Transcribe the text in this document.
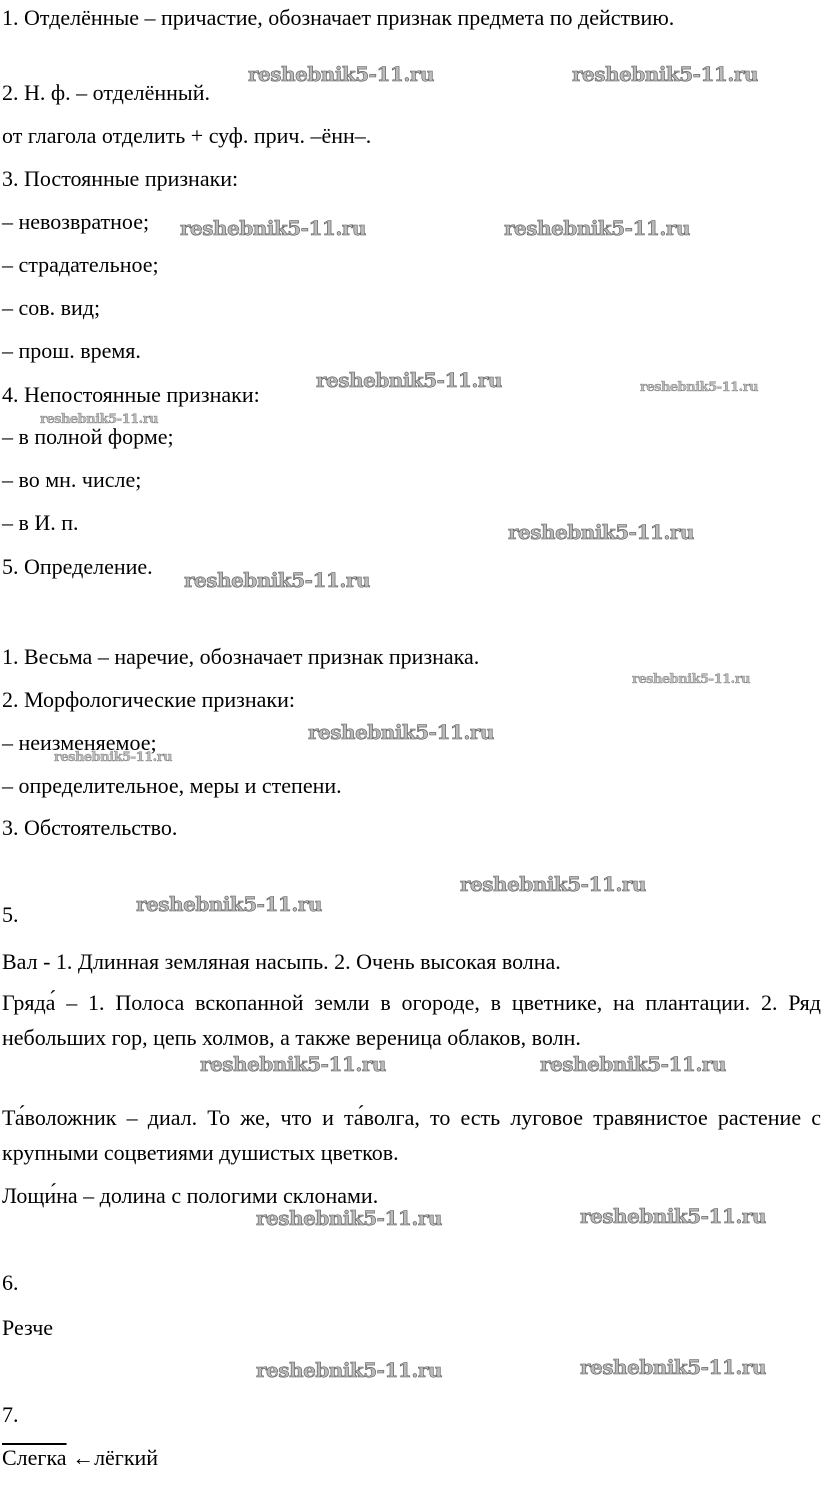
1. Отделённые – причастие, обозначает признак предмета по действию.
2. Н. ф. – отделённый.
от глагола отделить + суф. прич. –ённ–.
3. Постоянные признаки:
– невозвратное;
– страдательное;
– сов. вид;
– прош. время.
4. Непостоянные признаки:
– в полной форме;
– во мн. числе;
– в И. п.
5. Определение.
1. Весьма – наречие, обозначает признак признака.
2. Морфологические признаки:
– неизменяемое;
– определительное, меры и степени.
3. Обстоятельство.
5.
Вал - 1. Длинная земляная насыпь. 2. Очень высокая волна.
Гряда́ – 1. Полоса вскопанной земли в огороде, в цветнике, на плантации. 2. Ряд небольших гор, цепь холмов, а также вереница облаков, волн.
Та́воложник – диал. То же, что и та́волга, то есть луговое травянистое растение с крупными соцветиями душистых цветков.
Лощи́на – долина с пологими склонами.
6.
Резче
7.
Слегка ←лёгкий
reshebnik5-11.ru	reshebnik5-11.ru
reshebnik5-11.ru	reshebnik5-11.ru
reshebnik5-11.ru	reshebnik5-11.ru
reshebnik5-11.ru
reshebnik5-11.ru
reshebnik5-11.ru
reshebnik5-11.ru
reshebnik5-11.ru
reshebnik5-11.ru
reshebnik5-11.ru
reshebnik5-11.ru
reshebnik5-11.ru	reshebnik5-11.ru
reshebnik5-11.ru	reshebnik5-11.ru
reshebnik5-11.ru	reshebnik5-11.ru
